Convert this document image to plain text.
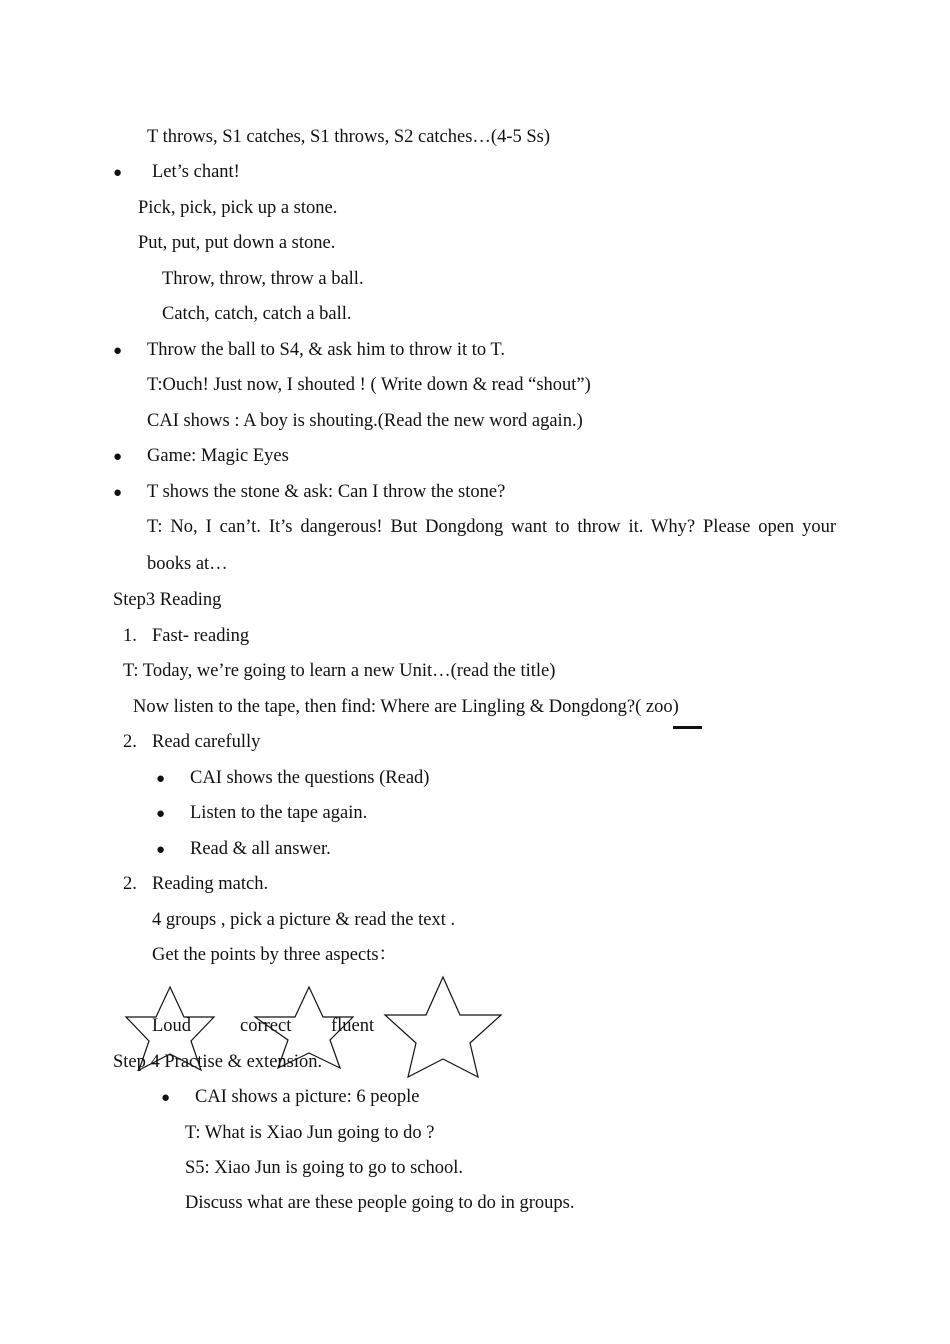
T throws, S1 catches, S1 throws, S2 catches…(4-5 Ss)
● Let’s chant!
Pick, pick, pick up a stone.
Put, put, put down a stone.
Throw, throw, throw a ball.
Catch, catch, catch a ball.
● Throw the ball to S4, & ask him to throw it to T.
T:Ouch! Just now, I shouted ! ( Write down & read “shout”)
CAI shows : A boy is shouting.(Read the new word again.)
● Game: Magic Eyes
● T shows the stone & ask: Can I throw the stone?
T: No, I can’t. It’s dangerous! But Dongdong want to throw it. Why? Please open your
books at…
Step3 Reading
1. Fast- reading
T: Today, we’re going to learn a new Unit…(read the title)
Now listen to the tape, then find: Where are Lingling & Dongdong?( zoo)
2. Read carefully
● CAI shows the questions (Read)
● Listen to the tape again.
● Read & all answer.
2. Reading match.
4 groups , pick a picture & read the text .
Get the points by three aspects：
Loud	correct fluent
Step 4 Practise & extension.
● CAI shows a picture: 6 people
T: What is Xiao Jun going to do ?
S5: Xiao Jun is going to go to school.
Discuss what are these people going to do in groups.
